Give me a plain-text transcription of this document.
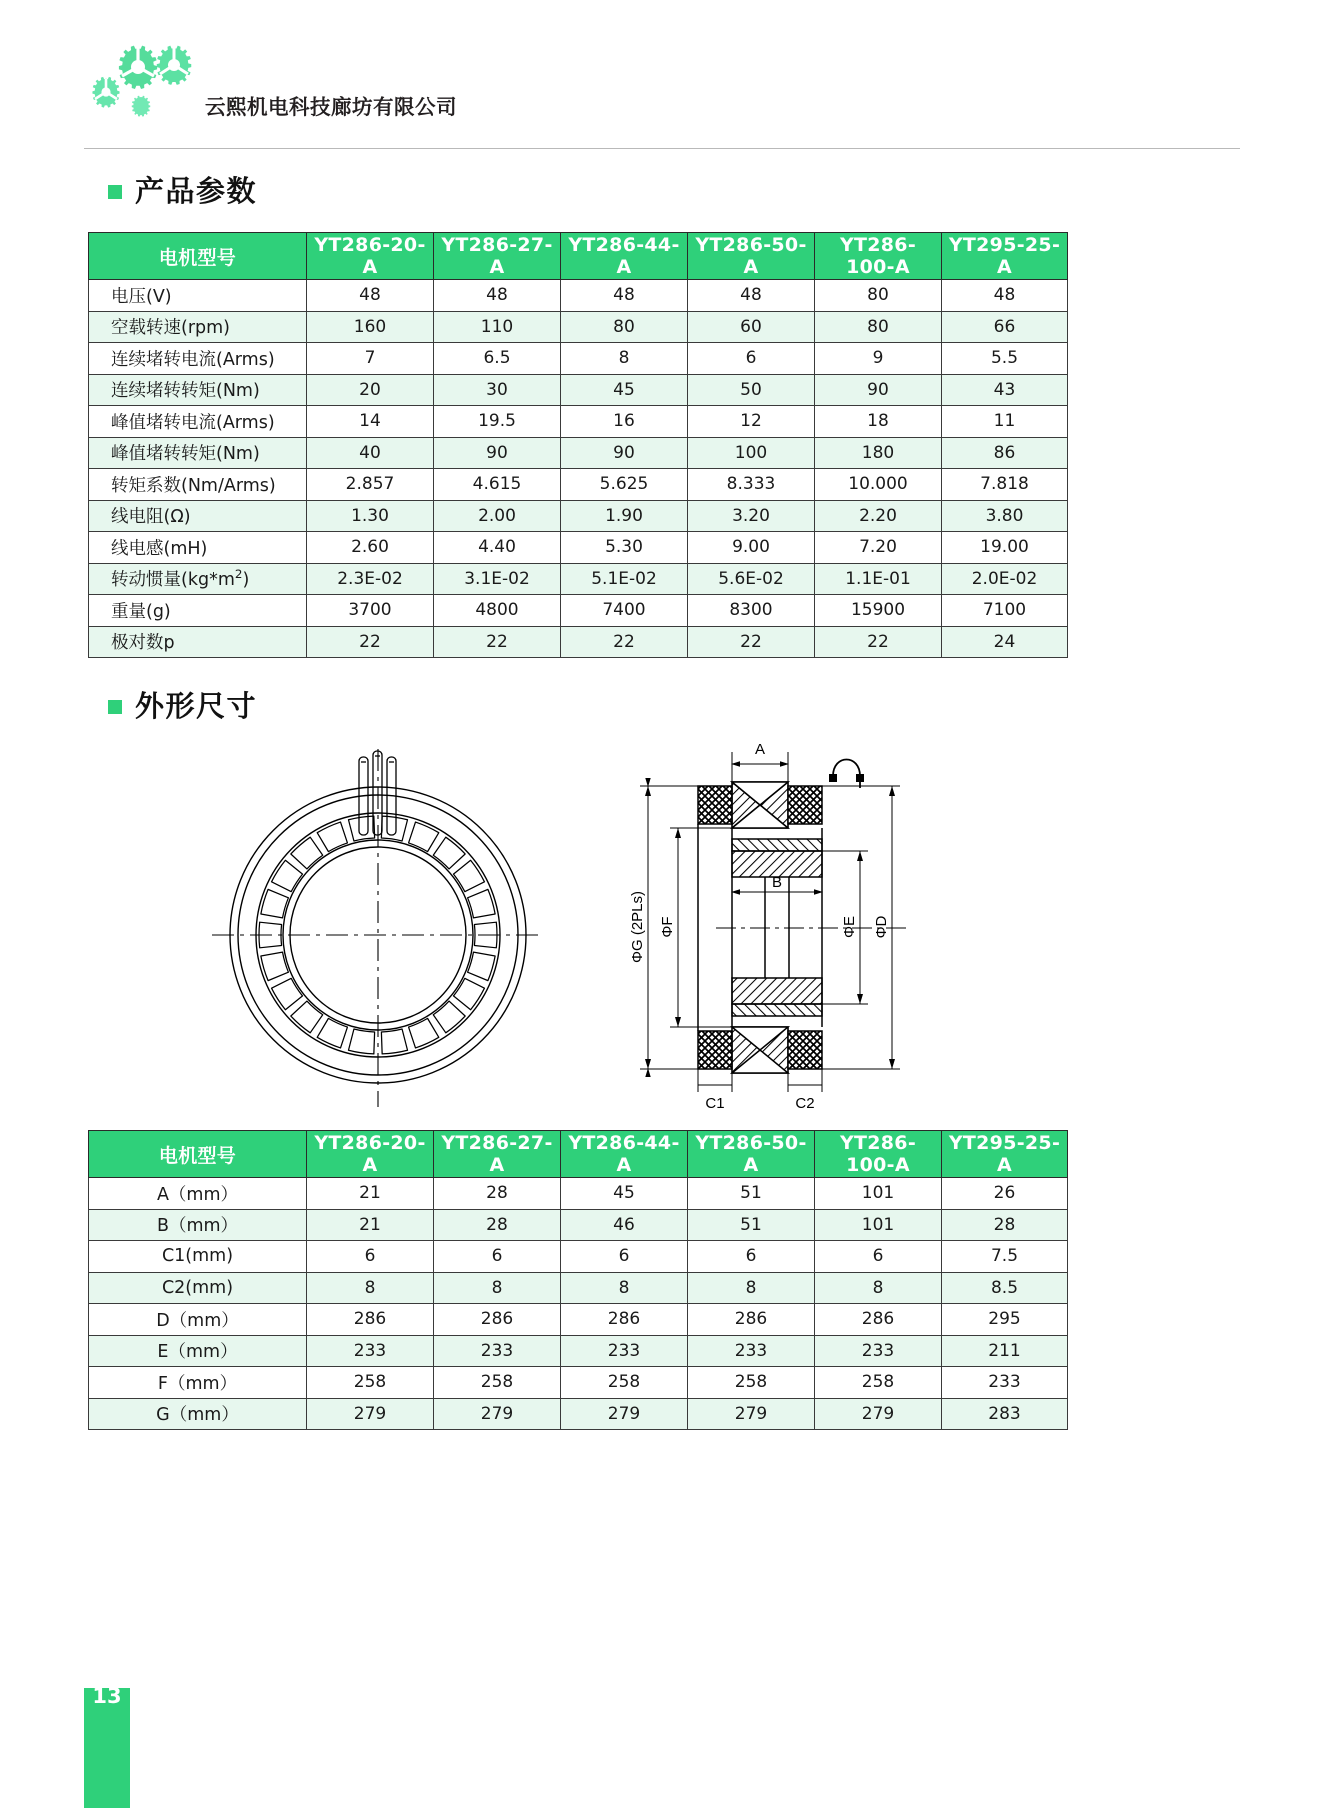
云熙机电科技廊坊有限公司
产品参数
电机型号	YT286-20-A	YT286-27-A	YT286-44-A	YT286-50-A	YT286-100-A	YT295-25-A
电压(V)	48	48	48	48	80	48
空载转速(rpm)	160	110	80	60	80	66
连续堵转电流(Arms)	7	6.5	8	6	9	5.5
连续堵转转矩(Nm)	20	30	45	50	90	43
峰值堵转电流(Arms)	14	19.5	16	12	18	11
峰值堵转转矩(Nm)	40	90	90	100	180	86
转矩系数(Nm/Arms)	2.857	4.615	5.625	8.333	10.000	7.818
线电阻(Ω)	1.30	2.00	1.90	3.20	2.20	3.80
线电感(mH)	2.60	4.40	5.30	9.00	7.20	19.00
转动惯量$(kg*m^2)$	2.3E-02	3.1E-02	5.1E-02	5.6E-02	1.1E-01	2.0E-02
重量(g)	3700	4800	7400	8300	15900	7100
极对数p	22	22	22	22	22	24
外形尺寸
A
B
ΦG (2PLs) ΦF	ΦE ΦD
C1	C2
电机型号	YT286-20-A	YT286-27-A	YT286-44-A	YT286-50-A	YT286-100-A	YT295-25-A
A（mm）	21	28	45	51	101	26
B（mm）	21	28	46	51	101	28
C1(mm)	6	6	6	6	6	7.5
C2(mm)	8	8	8	8	8	8.5
D（mm）	286	286	286	286	286	295
E（mm）	233	233	233	233	233	211
F（mm）	258	258	258	258	258	233
G（mm）	279	279	279	279	279	283
13
